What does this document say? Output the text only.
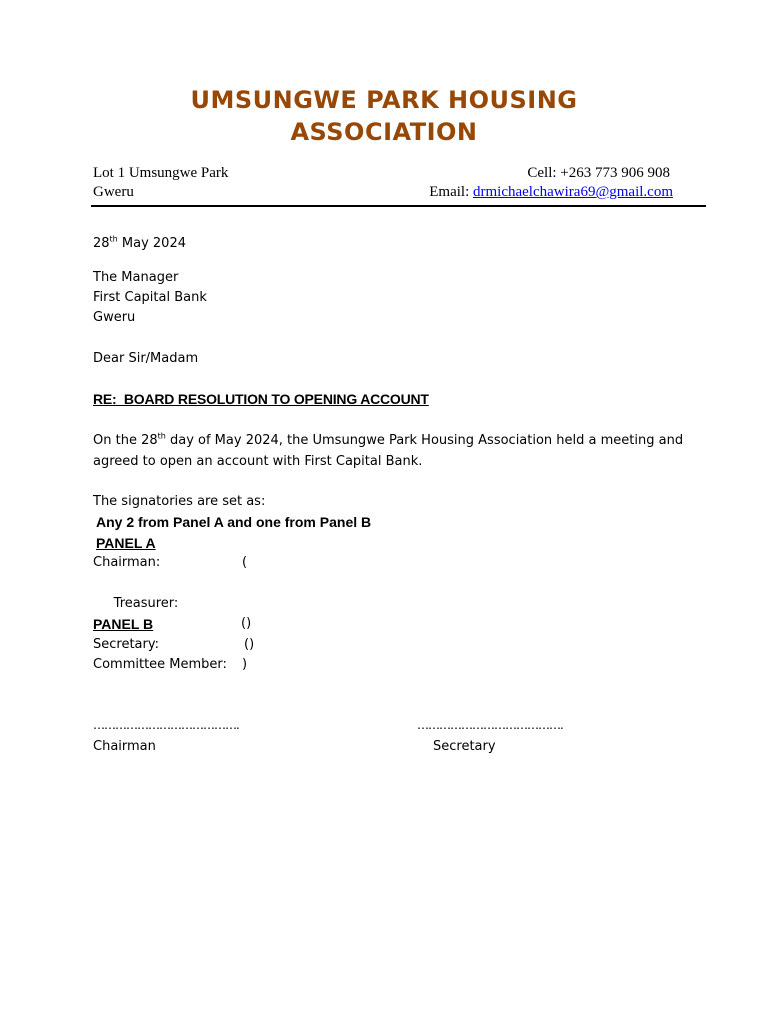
UMSUNGWE PARK HOUSING
ASSOCIATION
Lot 1 Umsungwe Park
Gweru
Cell: +263 773 906 908
Email: drmichaelchawira69@gmail.com
28th May 2024
The Manager
First Capital Bank
Gweru
Dear Sir/Madam
RE:  BOARD RESOLUTION TO OPENING ACCOUNT
On the 28th day of May 2024, the Umsungwe Park Housing Association held a meeting and
agreed to open an account with First Capital Bank.
The signatories are set as:
Any 2 from Panel A and one from Panel B
PANEL A
Chairman:	(

Treasurer:

()

PANEL B
Secretary:	()
Committee Member: )
………………………………….	………………………………….
Chairman	Secretary
